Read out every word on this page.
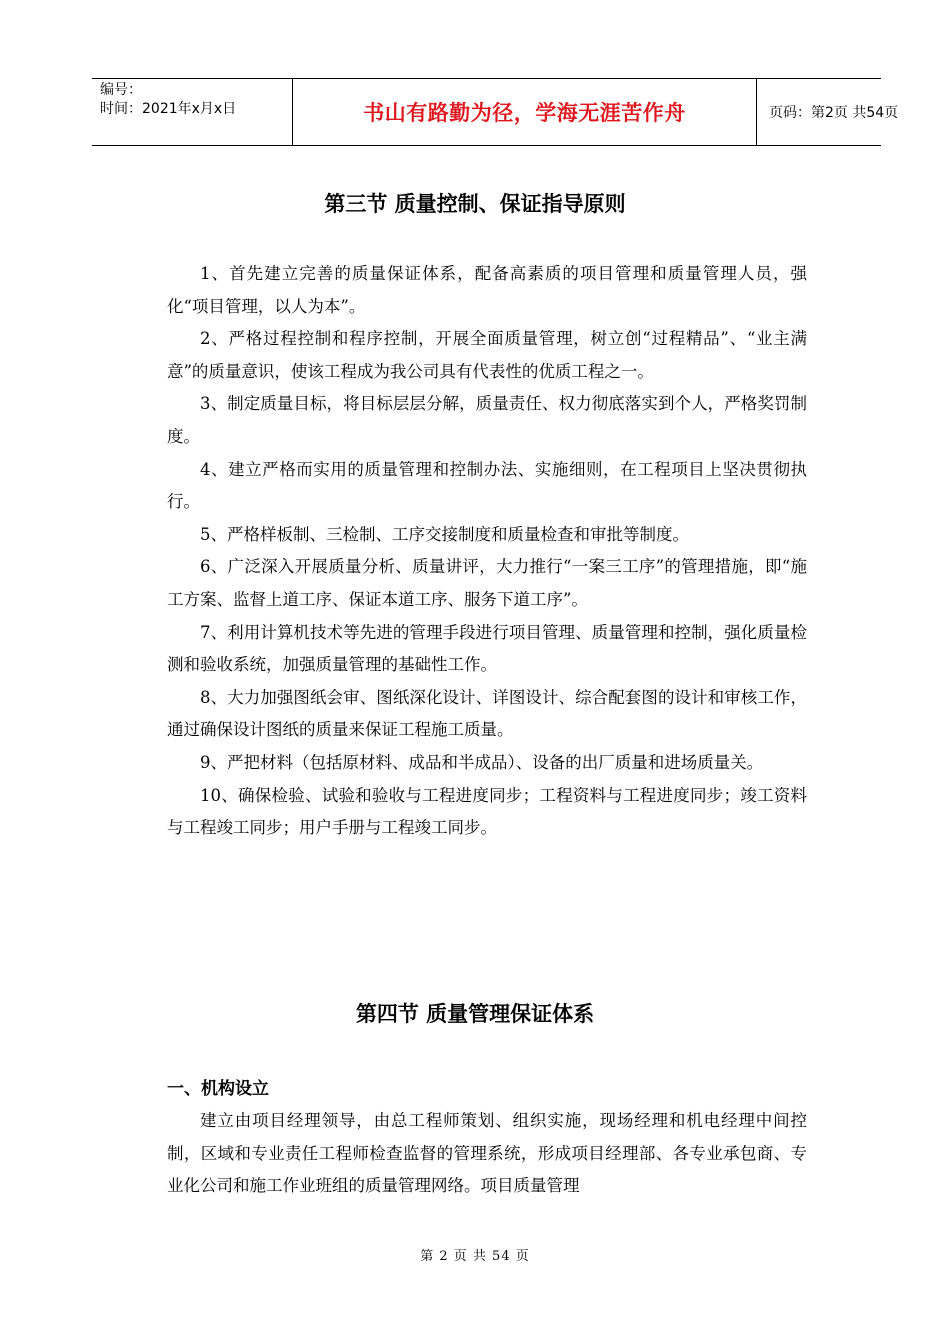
编号：
时间：2021年x月x日	书山有路勤为径，学海无涯苦作舟	页码：第2页 共54页
第三节 质量控制、保证指导原则

1、首先建立完善的质量保证体系，配备高素质的项目管理和质量管理人员，强化“项目管理，以人为本”。

2、严格过程控制和程序控制，开展全面质量管理，树立创“过程精品”、“业主满意”的质量意识，使该工程成为我公司具有代表性的优质工程之一。

3、制定质量目标，将目标层层分解，质量责任、权力彻底落实到个人，严格奖罚制度。

4、建立严格而实用的质量管理和控制办法、实施细则，在工程项目上坚决贯彻执行。

5、严格样板制、三检制、工序交接制度和质量检查和审批等制度。

6、广泛深入开展质量分析、质量讲评，大力推行“一案三工序”的管理措施，即“施工方案、监督上道工序、保证本道工序、服务下道工序”。

7、利用计算机技术等先进的管理手段进行项目管理、质量管理和控制，强化质量检测和验收系统，加强质量管理的基础性工作。

8、大力加强图纸会审、图纸深化设计、详图设计、综合配套图的设计和审核工作，通过确保设计图纸的质量来保证工程施工质量。

9、严把材料（包括原材料、成品和半成品）、设备的出厂质量和进场质量关。

10、确保检验、试验和验收与工程进度同步；工程资料与工程进度同步；竣工资料与工程竣工同步；用户手册与工程竣工同步。

第四节 质量管理保证体系
一、机构设立

建立由项目经理领导，由总工程师策划、组织实施，现场经理和机电经理中间控制，区域和专业责任工程师检查监督的管理系统，形成项目经理部、各专业承包商、专业化公司和施工作业班组的质量管理网络。项目质量管理

第 2 页 共 54 页
